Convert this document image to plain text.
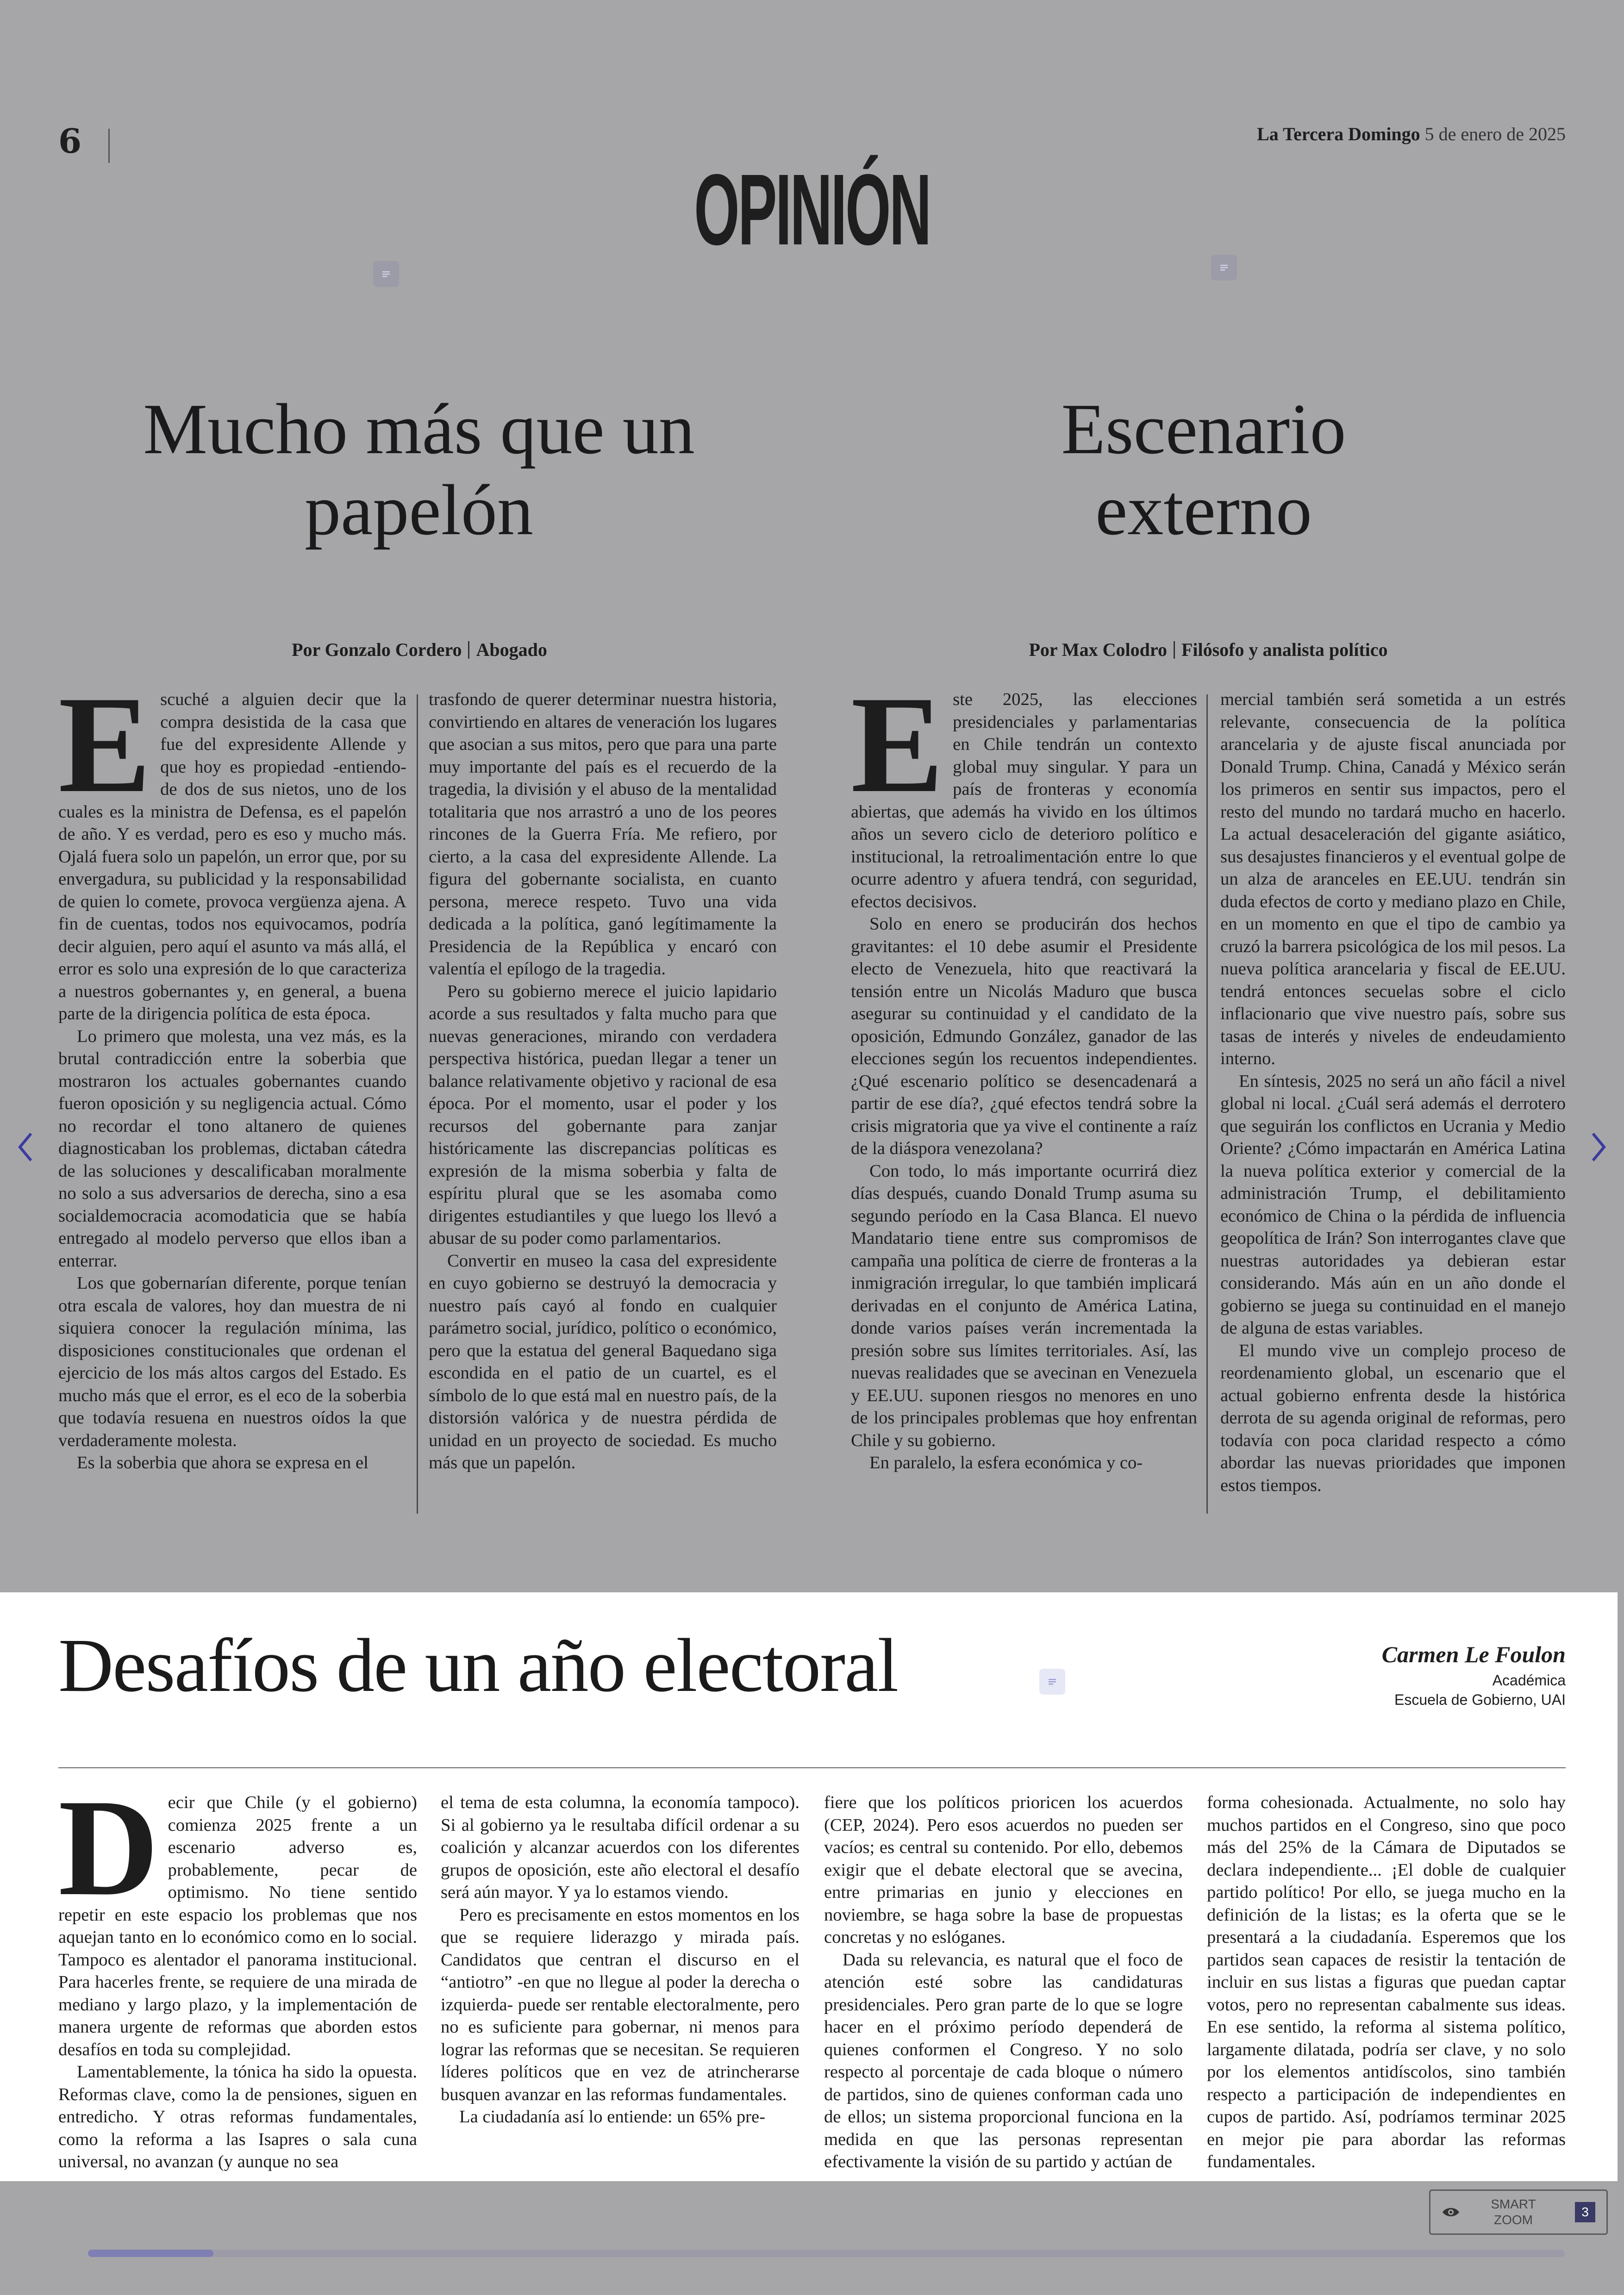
6	La Tercera Domingo 5 de enero de 2025
OPINIÓN
Mucho más que un papelón
Por Gonzalo Cordero Abogado
E scuché a alguien decir que la compra desistida de la casa que fue del expresidente Allende y que hoy es propiedad -entiendo- de dos de sus nietos, uno de los cuales es la ministra de Defensa, es el papelón de año. Y es verdad, pero es eso y mucho más. Ojalá fuera solo un papelón, un error que, por su envergadura, su publicidad y la responsabilidad de quien lo comete, provoca vergüenza ajena. A fin de cuentas, todos nos equivocamos, podría decir alguien, pero aquí el asunto va más allá, el error es solo una expresión de lo que caracteriza a nuestros gobernantes y, en general, a buena parte de la dirigencia política de esta época.

Lo primero que molesta, una vez más, es la brutal contradicción entre la soberbia que mostraron los actuales gobernantes cuando fueron oposición y su negligencia actual. Cómo no recordar el tono altanero de quienes diagnosticaban los problemas, dictaban cátedra de las soluciones y descalificaban moralmente no solo a sus adversarios de derecha, sino a esa socialdemocracia acomodaticia que se había entregado al modelo perverso que ellos iban a enterrar.

Los que gobernarían diferente, porque tenían otra escala de valores, hoy dan muestra de ni siquiera conocer la regulación mínima, las disposiciones constitucionales que ordenan el ejercicio de los más altos cargos del Estado. Es mucho más que el error, es el eco de la soberbia que todavía resuena en nuestros oídos la que verdaderamente molesta.

Es la soberbia que ahora se expresa en el

trasfondo de querer determinar nuestra historia, convirtiendo en altares de veneración los lugares que asocian a sus mitos, pero que para una parte muy importante del país es el recuerdo de la tragedia, la división y el abuso de la mentalidad totalitaria que nos arrastró a uno de los peores rincones de la Guerra Fría. Me refiero, por cierto, a la casa del expresidente Allende. La figura del gobernante socialista, en cuanto persona, merece respeto. Tuvo una vida dedicada a la política, ganó legítimamente la Presidencia de la República y encaró con valentía el epílogo de la tragedia.

Pero su gobierno merece el juicio lapidario acorde a sus resultados y falta mucho para que nuevas generaciones, mirando con verdadera perspectiva histórica, puedan llegar a tener un balance relativamente objetivo y racional de esa época. Por el momento, usar el poder y los recursos del gobernante para zanjar históricamente las discrepancias políticas es expresión de la misma soberbia y falta de espíritu plural que se les asomaba como dirigentes estudiantiles y que luego los llevó a abusar de su poder como parlamentarios.

Convertir en museo la casa del expresidente en cuyo gobierno se destruyó la democracia y nuestro país cayó al fondo en cualquier parámetro social, jurídico, político o económico, pero que la estatua del general Baquedano siga escondida en el patio de un cuartel, es el símbolo de lo que está mal en nuestro país, de la distorsión valórica y de nuestra pérdida de unidad en un proyecto de sociedad. Es mucho más que un papelón.

Escenario externo
Por Max Colodro Filósofo y analista político
E ste 2025, las elecciones presidenciales y parlamentarias en Chile tendrán un contexto global muy singular. Y para un país de fronteras y economía abiertas, que además ha vivido en los últimos años un severo ciclo de deterioro político e institucional, la retroalimentación entre lo que ocurre adentro y afuera tendrá, con seguridad, efectos decisivos.

Solo en enero se producirán dos hechos gravitantes: el 10 debe asumir el Presidente electo de Venezuela, hito que reactivará la tensión entre un Nicolás Maduro que busca asegurar su continuidad y el candidato de la oposición, Edmundo González, ganador de las elecciones según los recuentos independientes. ¿Qué escenario político se desencadenará a partir de ese día?, ¿qué efectos tendrá sobre la crisis migratoria que ya vive el continente a raíz de la diáspora venezolana?

Con todo, lo más importante ocurrirá diez días después, cuando Donald Trump asuma su segundo período en la Casa Blanca. El nuevo Mandatario tiene entre sus compromisos de campaña una política de cierre de fronteras a la inmigración irregular, lo que también implicará derivadas en el conjunto de América Latina, donde varios países verán incrementada la presión sobre sus límites territoriales. Así, las nuevas realidades que se avecinan en Venezuela y EE.UU. suponen riesgos no menores en uno de los principales problemas que hoy enfrentan Chile y su gobierno.

En paralelo, la esfera económica y co-

mercial también será sometida a un estrés relevante, consecuencia de la política arancelaria y de ajuste fiscal anunciada por Donald Trump. China, Canadá y México serán los primeros en sentir sus impactos, pero el resto del mundo no tardará mucho en hacerlo. La actual desaceleración del gigante asiático, sus desajustes financieros y el eventual golpe de un alza de aranceles en EE.UU. tendrán sin duda efectos de corto y mediano plazo en Chile, en un momento en que el tipo de cambio ya cruzó la barrera psicológica de los mil pesos. La nueva política arancelaria y fiscal de EE.UU. tendrá entonces secuelas sobre el ciclo inflacionario que vive nuestro país, sobre sus tasas de interés y niveles de endeudamiento interno.

En síntesis, 2025 no será un año fácil a nivel global ni local. ¿Cuál será además el derrotero que seguirán los conflictos en Ucrania y Medio Oriente? ¿Cómo impactarán en América Latina la nueva política exterior y comercial de la administración Trump, el debilitamiento económico de China o la pérdida de influencia geopolítica de Irán? Son interrogantes clave que nuestras autoridades ya debieran estar considerando. Más aún en un año donde el gobierno se juega su continuidad en el manejo de alguna de estas variables.

El mundo vive un complejo proceso de reordenamiento global, un escenario que el actual gobierno enfrenta desde la histórica derrota de su agenda original de reformas, pero todavía con poca claridad respecto a cómo abordar las nuevas prioridades que imponen estos tiempos.

Desafíos de un año electoral	Carmen Le Foulon
Académica
Escuela de Gobierno, UAI
D ecir que Chile (y el gobierno) comienza 2025 frente a un escenario adverso es, probablemente, pecar de optimismo. No tiene sentido repetir en este espacio los problemas que nos aquejan tanto en lo económico como en lo social. Tampoco es alentador el panorama institucional. Para hacerles frente, se requiere de una mirada de mediano y largo plazo, y la implementación de manera urgente de reformas que aborden estos desafíos en toda su complejidad.

Lamentablemente, la tónica ha sido la opuesta. Reformas clave, como la de pensiones, siguen en entredicho. Y otras reformas fundamentales, como la reforma a las Isapres o sala cuna universal, no avanzan (y aunque no sea

el tema de esta columna, la economía tampoco). Si al gobierno ya le resultaba difícil ordenar a su coalición y alcanzar acuerdos con los diferentes grupos de oposición, este año electoral el desafío será aún mayor. Y ya lo estamos viendo.

Pero es precisamente en estos momentos en los que se requiere liderazgo y mirada país. Candidatos que centran el discurso en el “antiotro” -en que no llegue al poder la derecha o izquierda- puede ser rentable electoralmente, pero no es suficiente para gobernar, ni menos para lograr las reformas que se necesitan. Se requieren líderes políticos que en vez de atrincherarse busquen avanzar en las reformas fundamentales.

La ciudadanía así lo entiende: un 65% pre-

fiere que los políticos prioricen los acuerdos (CEP, 2024). Pero esos acuerdos no pueden ser vacíos; es central su contenido. Por ello, debemos exigir que el debate electoral que se avecina, entre primarias en junio y elecciones en noviembre, se haga sobre la base de propuestas concretas y no eslóganes.

Dada su relevancia, es natural que el foco de atención esté sobre las candidaturas presidenciales. Pero gran parte de lo que se logre hacer en el próximo período dependerá de quienes conformen el Congreso. Y no solo respecto al porcentaje de cada bloque o número de partidos, sino de quienes conforman cada uno de ellos; un sistema proporcional funciona en la medida en que las personas representan efectivamente la visión de su partido y actúan de

forma cohesionada. Actualmente, no solo hay muchos partidos en el Congreso, sino que poco más del 25% de la Cámara de Diputados se declara independiente... ¡El doble de cualquier partido político! Por ello, se juega mucho en la definición de la listas; es la oferta que se le presentará a la ciudadanía. Esperemos que los partidos sean capaces de resistir la tentación de incluir en sus listas a figuras que puedan captar votos, pero no representan cabalmente sus ideas. En ese sentido, la reforma al sistema político, largamente dilatada, podría ser clave, y no solo por los elementos antidíscolos, sino también respecto a participación de independientes en cupos de partido. Así, podríamos terminar 2025 en mejor pie para abordar las reformas fundamentales.

SMART
ZOOM
3
